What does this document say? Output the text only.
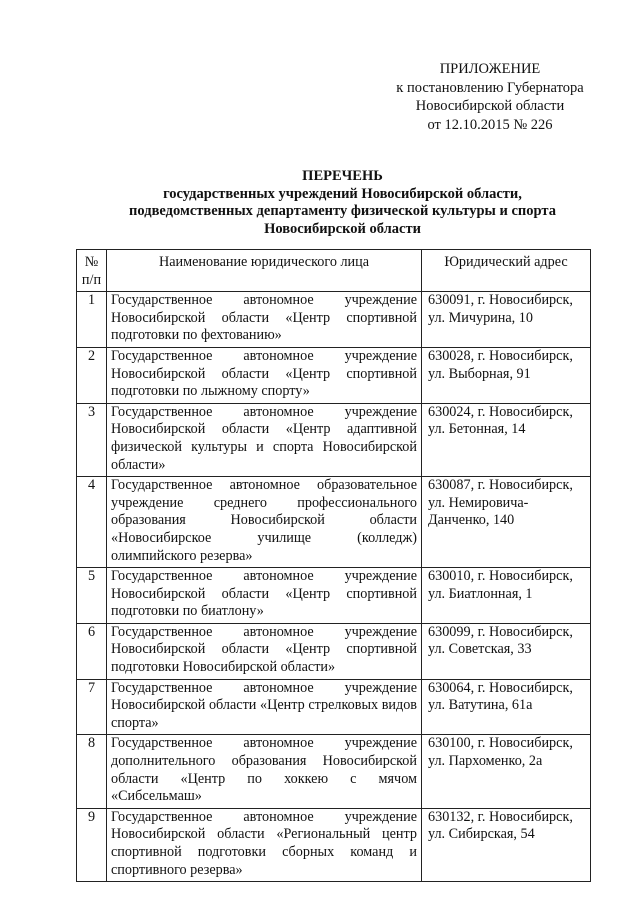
ПРИЛОЖЕНИЕ
к постановлению Губернатора
Новосибирской области
от 12.10.2015 № 226
ПЕРЕЧЕНЬ
государственных учреждений Новосибирской области,
подведомственных департаменту физической культуры и спорта
Новосибирской области
№ п/п	Наименование юридического лица	Юридический адрес
1	Государственное автономное учреждение Новосибирской области «Центр спортивной подготовки по фехтованию»	630091, г. Новосибирск, ул. Мичурина, 10
2	Государственное автономное учреждение Новосибирской области «Центр спортивной подготовки по лыжному спорту»	630028, г. Новосибирск, ул. Выборная, 91
3	Государственное автономное учреждение Новосибирской области «Центр адаптивной физической культуры и спорта Новосибирской области»	630024, г. Новосибирск, ул. Бетонная, 14
4	Государственное автономное образовательное учреждение среднего профессионального образования Новосибирской области «Новосибирское училище (колледж) олимпийского резерва»	630087, г. Новосибирск, ул. Немировича-Данченко, 140
5	Государственное автономное учреждение Новосибирской области «Центр спортивной подготовки по биатлону»	630010, г. Новосибирск, ул. Биатлонная, 1
6	Государственное автономное учреждение Новосибирской области «Центр спортивной подготовки Новосибирской области»	630099, г. Новосибирск, ул. Советская, 33
7	Государственное автономное учреждение Новосибирской области «Центр стрелковых видов спорта»	630064, г. Новосибирск, ул. Ватутина, 61а
8	Государственное автономное учреждение дополнительного образования Новосибирской области «Центр по хоккею с мячом «Сибсельмаш»	630100, г. Новосибирск, ул. Пархоменко, 2а
9	Государственное автономное учреждение Новосибирской области «Региональный центр спортивной подготовки сборных команд и спортивного резерва»	630132, г. Новосибирск, ул. Сибирская, 54
